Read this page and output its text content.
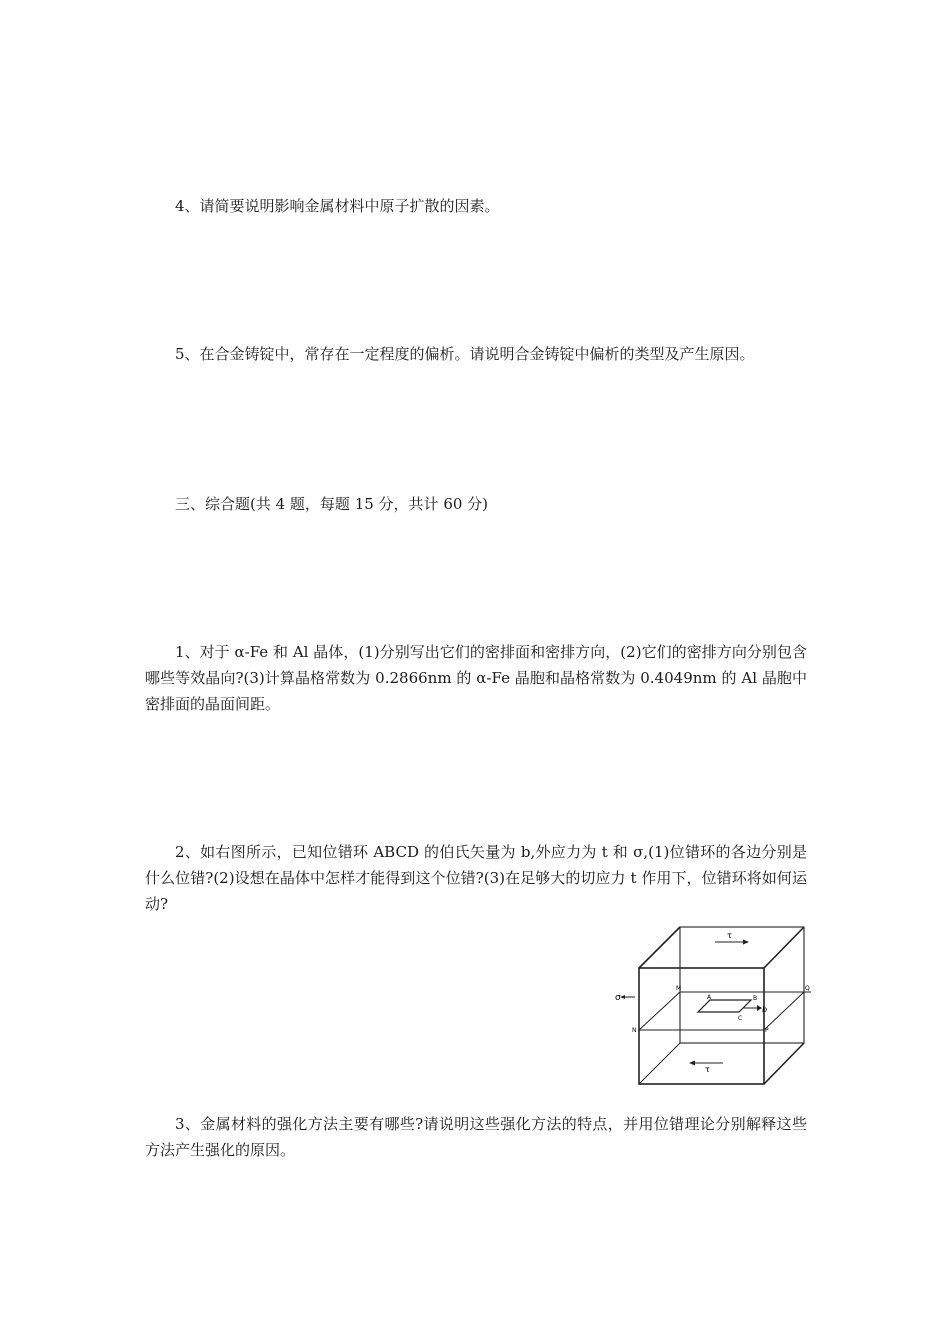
4、请简要说明影响金属材料中原子扩散的因素。

5、在合金铸锭中，常存在一定程度的偏析。请说明合金铸锭中偏析的类型及产生原因。

三、综合题(共 4 题，每题 15 分，共计 60 分)

1、对于 α-Fe 和 Al 晶体，(1)分别写出它们的密排面和密排方向，(2)它们的密排方向分别包含哪些等效晶向?(3)计算晶格常数为 0.2866nm 的 α-Fe 晶胞和晶格常数为 0.4049nm 的 Al 晶胞中密排面的晶面间距。

2、如右图所示，已知位错环 ABCD 的伯氏矢量为 b,外应力为 t 和 σ,(1)位错环的各边分别是什么位错?(2)设想在晶体中怎样才能得到这个位错?(3)在足够大的切应力 t 作用下，位错环将如何运动?

τ
τ
σ
M	Q
N	P
A	B
C
b

3、金属材料的强化方法主要有哪些?请说明这些强化方法的特点，并用位错理论分别解释这些方法产生强化的原因。
